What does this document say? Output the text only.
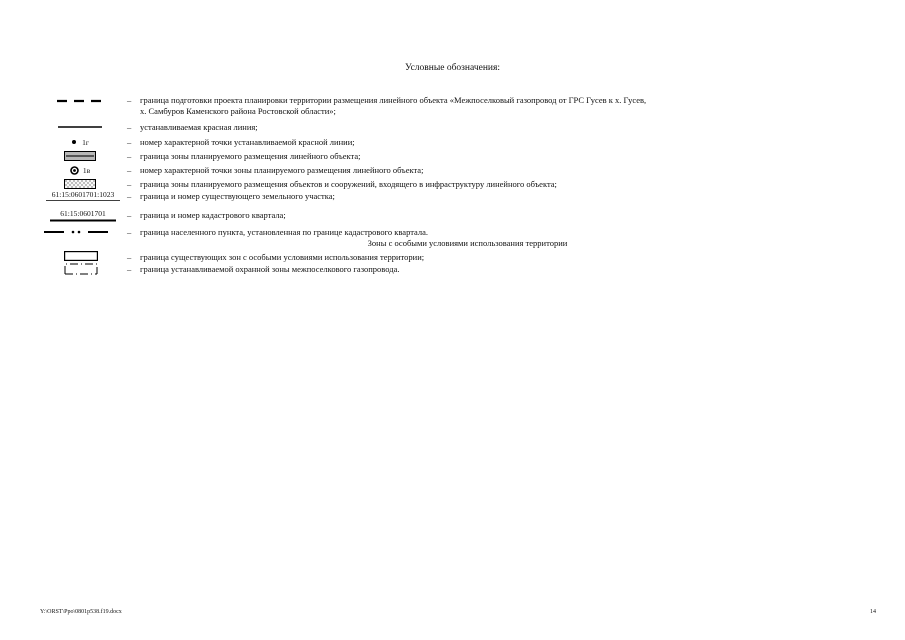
Условные обозначения:
– граница подготовки проекта планировки территории размещения линейного объекта «Межпоселковый газопровод от ГРС Гусев к х. Гусев,
х. Самбуров Каменского района Ростовской области»;
– устанавливаемая красная линия;
1г	– номер характерной точки устанавливаемой красной линии;
– граница зоны планируемого размещения линейного объекта;
1в	– номер характерной точки зоны планируемого размещения линейного объекта;
– граница зоны планируемого размещения объектов и сооружений, входящего в инфраструктуру линейного объекта;
61:15:0601701:1023 – граница и номер существующего земельного участка;
61:15:0601701	– граница и номер кадастрового квартала;
– граница населенного пункта, установленная по границе кадастрового квартала.
Зоны с особыми условиями использования территории
– граница существующих зон с особыми условиями использования территории;
– граница устанавливаемой охранной зоны межпоселкового газопровода.
Y:\ORST\Ppo\0801p538.f19.docx	14
